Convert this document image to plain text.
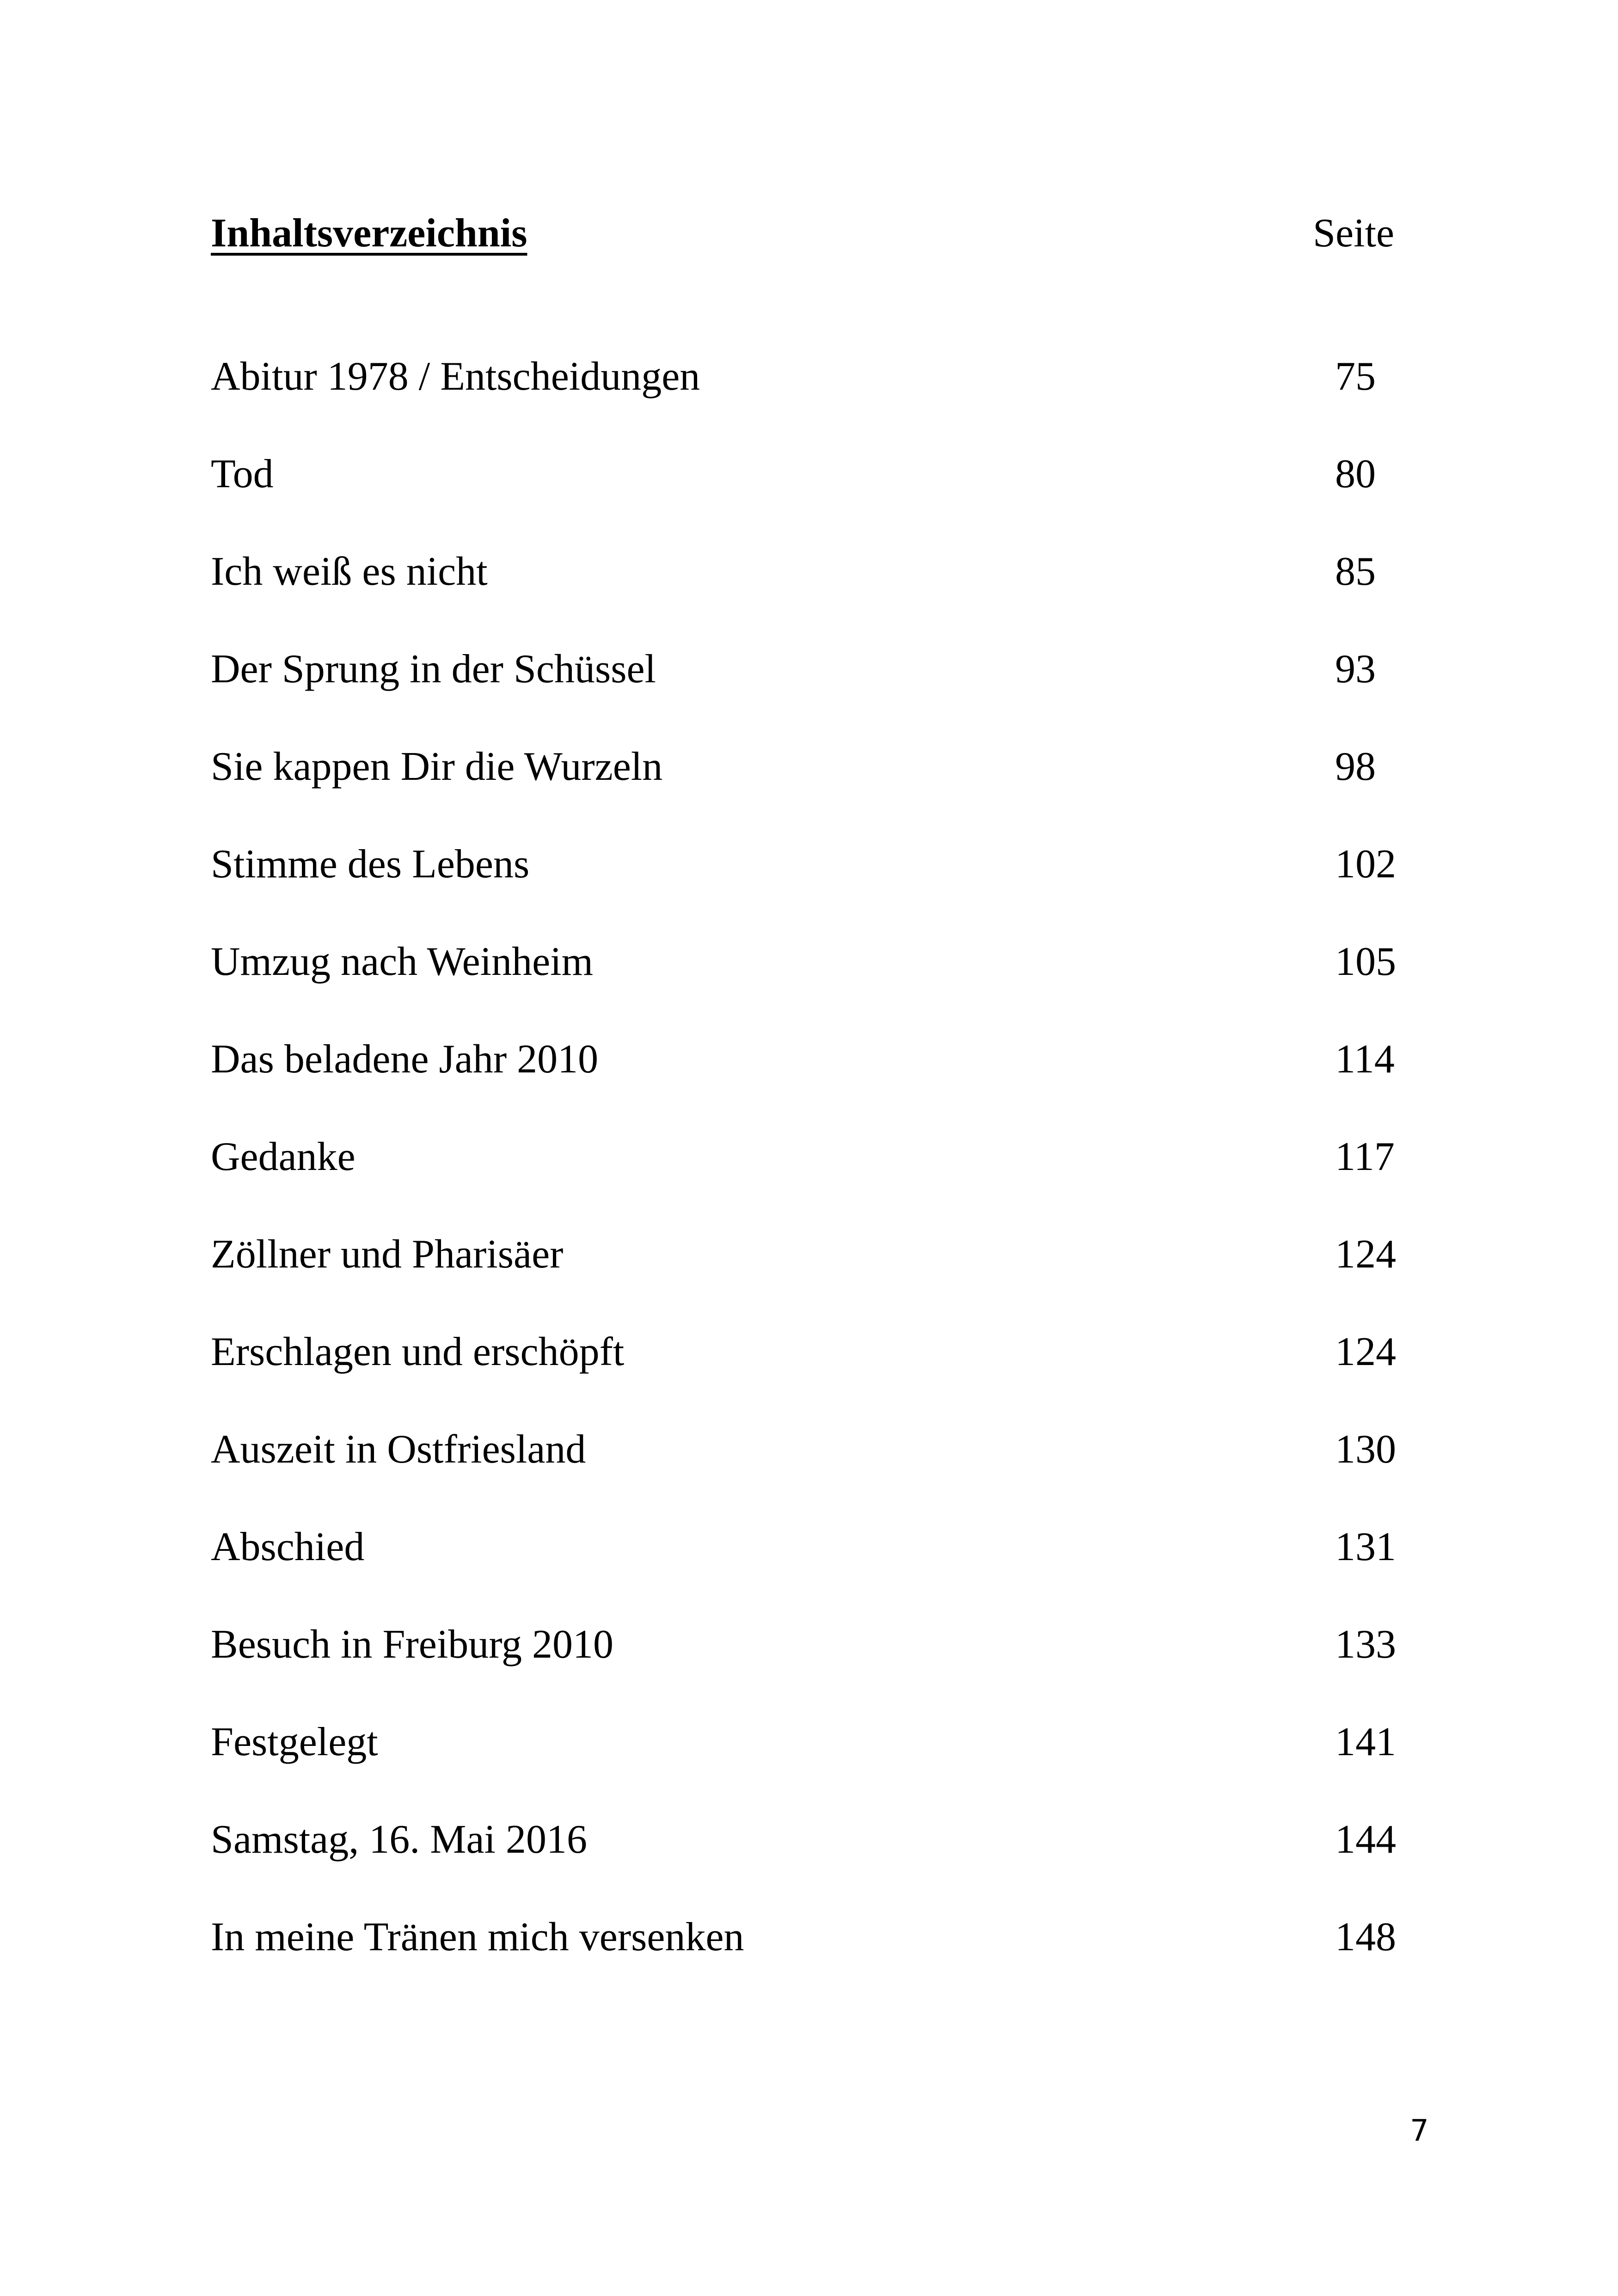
Inhaltsverzeichnis	Seite
Abitur 1978 / Entscheidungen	75
Tod	80
Ich weiß es nicht	85
Der Sprung in der Schüssel	93
Sie kappen Dir die Wurzeln	98
Stimme des Lebens	102
Umzug nach Weinheim	105
Das beladene Jahr 2010	114
Gedanke	117
Zöllner und Pharisäer	124
Erschlagen und erschöpft	124
Auszeit in Ostfriesland	130
Abschied	131
Besuch in Freiburg 2010	133
Festgelegt	141
Samstag, 16. Mai 2016	144
In meine Tränen mich versenken	148
7
